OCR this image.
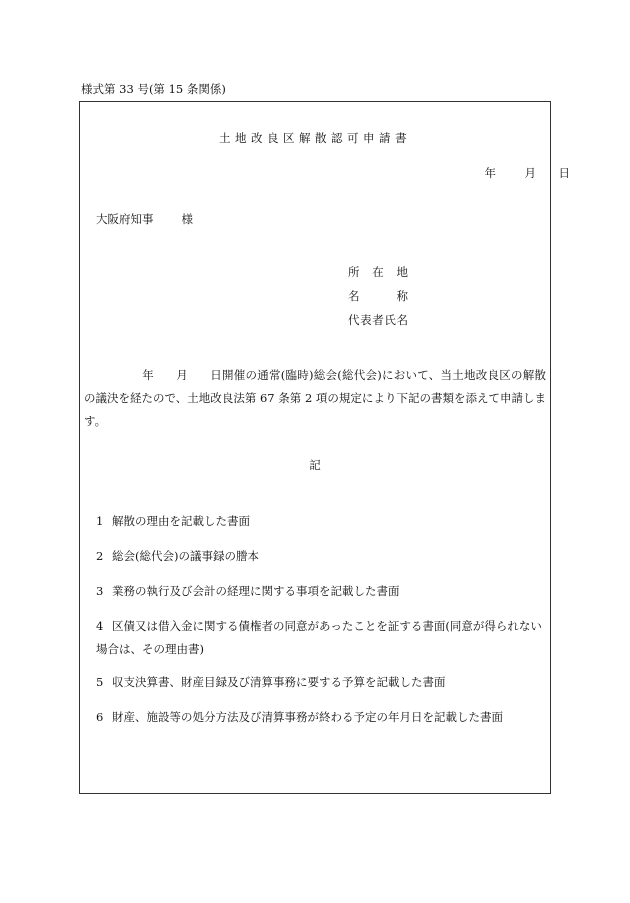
様式第 33 号(第 15 条関係)
土地改良区解散認可申請書
年 月 日
大阪府知事 様
所在地
名称
代表者氏名
年 月 日開催の通常(臨時)総会(総代会)において、当土地改良区の解散の議決を経たので、土地改良法第 67 条第 2 項の規定により下記の書類を添えて申請します。
記
1 解散の理由を記載した書面
2 総会(総代会)の議事録の謄本
3 業務の執行及び会計の経理に関する事項を記載した書面
4 区債又は借入金に関する債権者の同意があったことを証する書面(同意が得られない場合は、その理由書)
5 収支決算書、財産目録及び清算事務に要する予算を記載した書面
6 財産、施設等の処分方法及び清算事務が終わる予定の年月日を記載した書面
